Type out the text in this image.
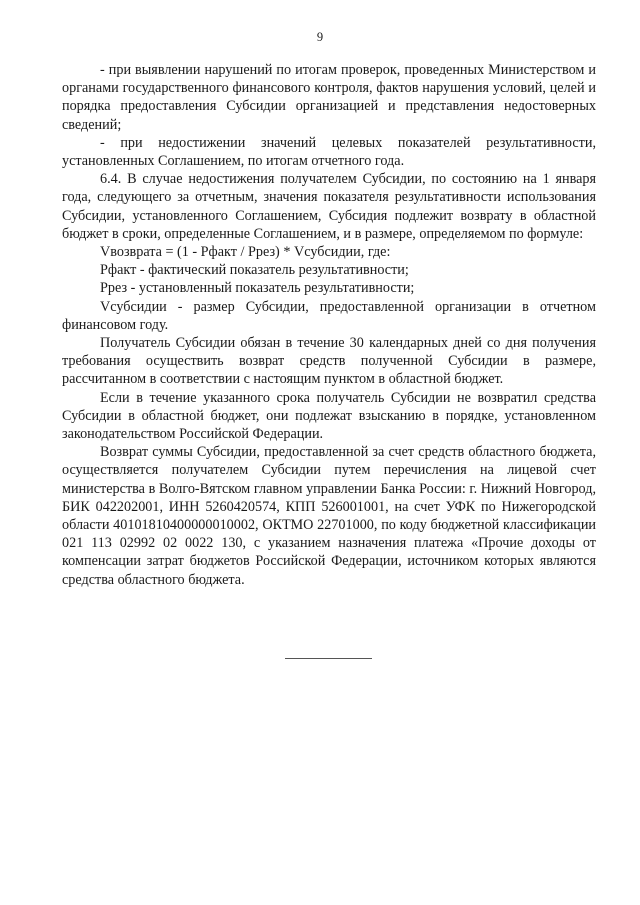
9

- при выявлении нарушений по итогам проверок, проведенных Министерством и органами государственного финансового контроля, фактов нарушения условий, целей и порядка предоставления Субсидии организацией и представления недостоверных сведений;

- при недостижении значений целевых показателей результативности, установленных Соглашением, по итогам отчетного года.

6.4. В случае недостижения получателем Субсидии, по состоянию на 1 января года, следующего за отчетным, значения показателя результативности использования Субсидии, установленного Соглашением, Субсидия подлежит возврату в областной бюджет в сроки, определенные Соглашением, и в размере, определяемом по формуле:

Vвозврата = (1 - Рфакт / Ррез) * Vсубсидии, где:

Рфакт - фактический показатель результативности;

Ррез - установленный показатель результативности;

Vсубсидии - размер Субсидии, предоставленной организации в отчетном финансовом году.

Получатель Субсидии обязан в течение 30 календарных дней со дня получения требования осуществить возврат средств полученной Субсидии в размере, рассчитанном в соответствии с настоящим пунктом в областной бюджет.

Если в течение указанного срока получатель Субсидии не возвратил средства Субсидии в областной бюджет, они подлежат взысканию в порядке, установленном законодательством Российской Федерации.

Возврат суммы Субсидии, предоставленной за счет средств областного бюджета, осуществляется получателем Субсидии путем перечисления на лицевой счет министерства в Волго-Вятском главном управлении Банка России: г. Нижний Новгород, БИК 042202001, ИНН 5260420574, КПП 526001001, на счет УФК по Нижегородской области 40101810400000010002, ОКТМО 22701000, по коду бюджетной классификации 021 113 02992 02 0022 130, с указанием назначения платежа «Прочие доходы от компенсации затрат бюджетов Российской Федерации, источником которых являются средства областного бюджета.
